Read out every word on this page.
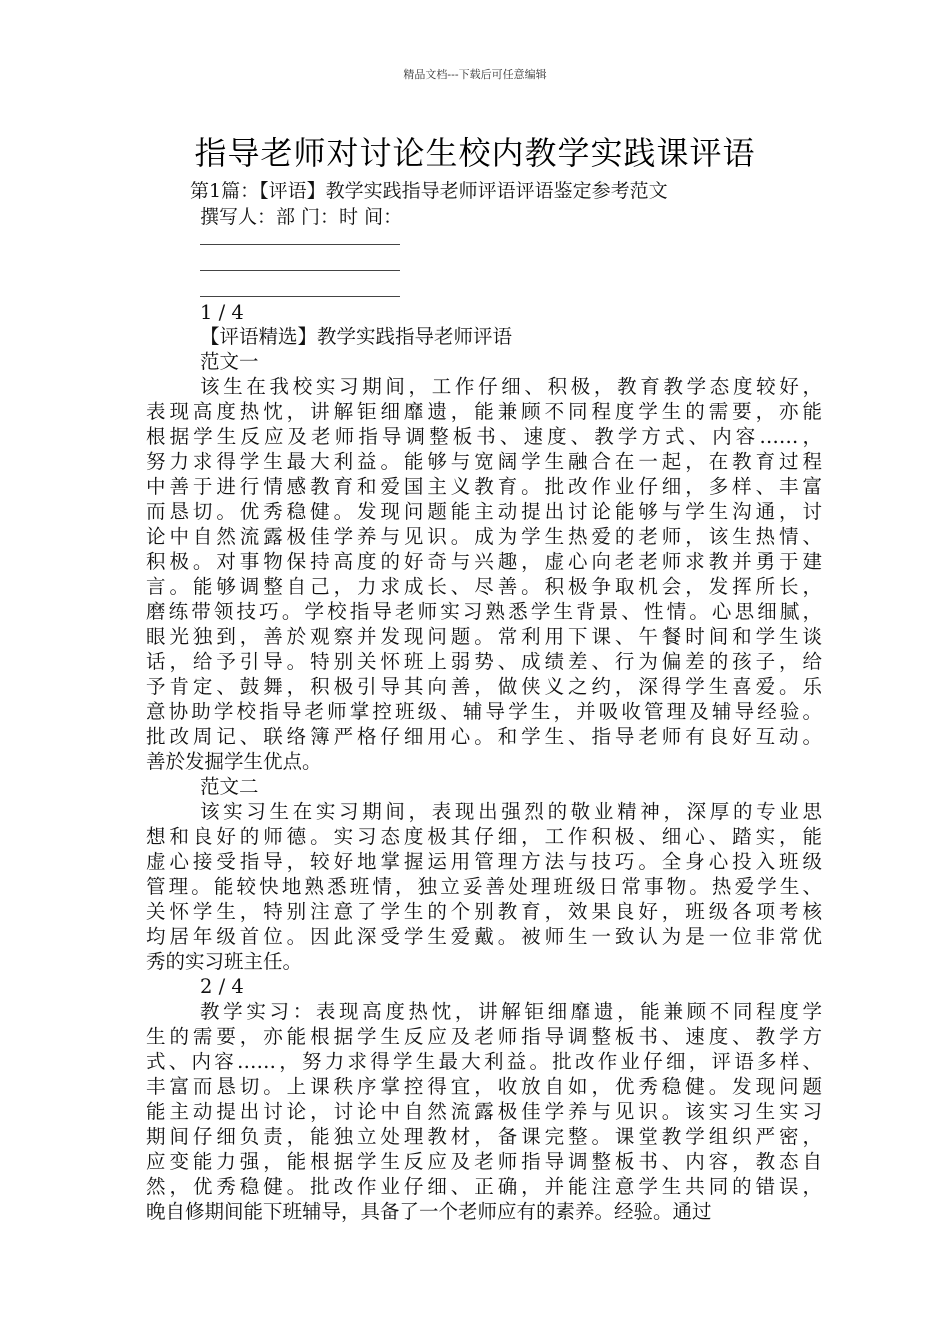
精品文档---下载后可任意编辑
指导老师对讨论生校内教学实践课评语
第1篇：【评语】教学实践指导老师评语评语鉴定参考范文
撰写人：部 门：时 间：
1 / 4
【评语精选】教学实践指导老师评语
范文一
该生在我校实习期间，工作仔细、积极，教育教学态度较好，
表现高度热忱，讲解钜细靡遗，能兼顾不同程度学生的需要，亦能
根据学生反应及老师指导调整板书、速度、教学方式、内容……，
努力求得学生最大利益。能够与宽阔学生融合在一起，在教育过程
中善于进行情感教育和爱国主义教育。批改作业仔细，多样、丰富
而恳切。优秀稳健。发现问题能主动提出讨论能够与学生沟通，讨
论中自然流露极佳学养与见识。成为学生热爱的老师，该生热情、
积极。对事物保持高度的好奇与兴趣，虚心向老老师求教并勇于建
言。能够调整自己，力求成长、尽善。积极争取机会，发挥所长，
磨练带领技巧。学校指导老师实习熟悉学生背景、性情。心思细腻，
眼光独到，善於观察并发现问题。常利用下课、午餐时间和学生谈
话，给予引导。特别关怀班上弱势、成绩差、行为偏差的孩子，给
予肯定、鼓舞，积极引导其向善，做侠义之约，深得学生喜爱。乐
意协助学校指导老师掌控班级、辅导学生，并吸收管理及辅导经验。
批改周记、联络簿严格仔细用心。和学生、指导老师有良好互动。
善於发掘学生优点。
范文二
该实习生在实习期间，表现出强烈的敬业精神，深厚的专业思
想和良好的师德。实习态度极其仔细，工作积极、细心、踏实，能
虚心接受指导，较好地掌握运用管理方法与技巧。全身心投入班级
管理。能较快地熟悉班情，独立妥善处理班级日常事物。热爱学生、
关怀学生，特别注意了学生的个别教育，效果良好，班级各项考核
均居年级首位。因此深受学生爱戴。被师生一致认为是一位非常优
秀的实习班主任。
2 / 4
教学实习：表现高度热忱，讲解钜细靡遗，能兼顾不同程度学
生的需要，亦能根据学生反应及老师指导调整板书、速度、教学方
式、内容……，努力求得学生最大利益。批改作业仔细，评语多样、
丰富而恳切。上课秩序掌控得宜，收放自如，优秀稳健。发现问题
能主动提出讨论，讨论中自然流露极佳学养与见识。该实习生实习
期间仔细负责，能独立处理教材，备课完整。课堂教学组织严密，
应变能力强，能根据学生反应及老师指导调整板书、内容，教态自
然，优秀稳健。批改作业仔细、正确，并能注意学生共同的错误，
晚自修期间能下班辅导，具备了一个老师应有的素养。经验。通过
